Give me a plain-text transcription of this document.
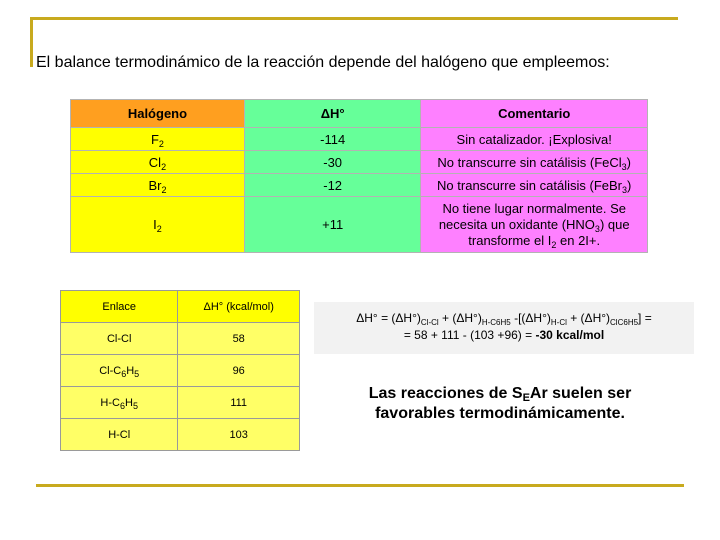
El balance termodinámico de la reacción depende del halógeno que empleemos:
Halógeno	ΔH°	Comentario
$F_2$	-114	Sin catalizador. ¡Explosiva!
$Cl_2$	-30	No transcurre sin catálisis (FeCl$_3$)
$Br_2$	-12	No transcurre sin catálisis (FeBr$_3$)
$I_2$	+11	No tiene lugar normalmente. Se
necesita un oxidante $(HNO_3)$ que
transforme el $I_2$ en 2I+.
Enlace	ΔH° (kcal/mol)
Cl-Cl	58
$Cl-C_6H_5$	96
$H-C_6H_5$	111
H-Cl	103
$\Delta H^\circ = (\Delta H^\circ)_{Cl-Cl} + (\Delta H^\circ)_{H-C6H5}$ $-[(\Delta H^\circ)_{H-Cl} + (\Delta H^\circ)_{ClC6H5}]$ =
= 58 + 111 - (103 +96) = -30 kcal/mol
Las reacciones de $S_EAr$ suelen ser
favorables termodinámicamente.
